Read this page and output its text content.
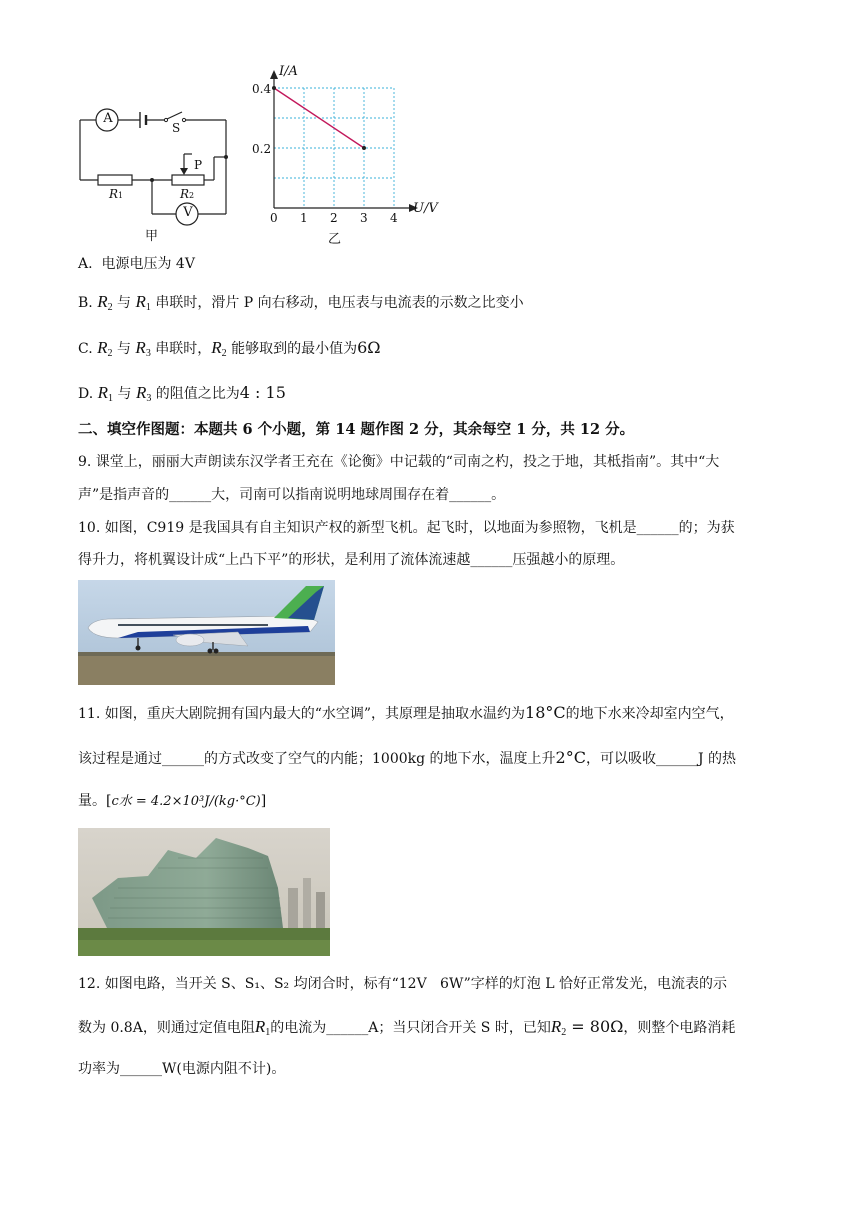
A
V
S
P
R1	R2
甲
I/A
U/V
0 1 2 3 4
0.2
0.4
乙
A.  电源电压为 4V
B. $R_2$ 与 $R_1$ 串联时，滑片 P 向右移动，电压表与电流表的示数之比变小
C. $R_2$ 与 $R_3$ 串联时，$R_2$ 能够取到的最小值为6Ω
D. $R_1$ 与 $R_3$ 的阻值之比为4 : 15
二、填空作图题：本题共 6 个小题，第 14 题作图 2 分，其余每空 1 分，共 12 分。
9. 课堂上，丽丽大声朗读东汉学者王充在《论衡》中记载的“司南之杓，投之于地，其柢指南”。其中“大
声”是指声音的______大，司南可以指南说明地球周围存在着______。
10. 如图，C919 是我国具有自主知识产权的新型飞机。起飞时，以地面为参照物，飞机是______的；为获
得升力，将机翼设计成“上凸下平”的形状，是利用了流体流速越______压强越小的原理。
11. 如图，重庆大剧院拥有国内最大的“水空调”，其原理是抽取水温约为18°C的地下水来冷却室内空气，
该过程是通过______的方式改变了空气的内能；1000kg 的地下水，温度上升2°C，可以吸收______J 的热
量。[c水 = 4.2×10³J/(kg·°C)]
12. 如图电路，当开关 S、S₁、S₂ 均闭合时，标有“12V   6W”字样的灯泡 L 恰好正常发光，电流表的示
数为 0.8A，则通过定值电阻$R_1$的电流为______A；当只闭合开关 S 时，已知$R_2 = 80\Omega$，则整个电路消耗
功率为______W(电源内阻不计)。
